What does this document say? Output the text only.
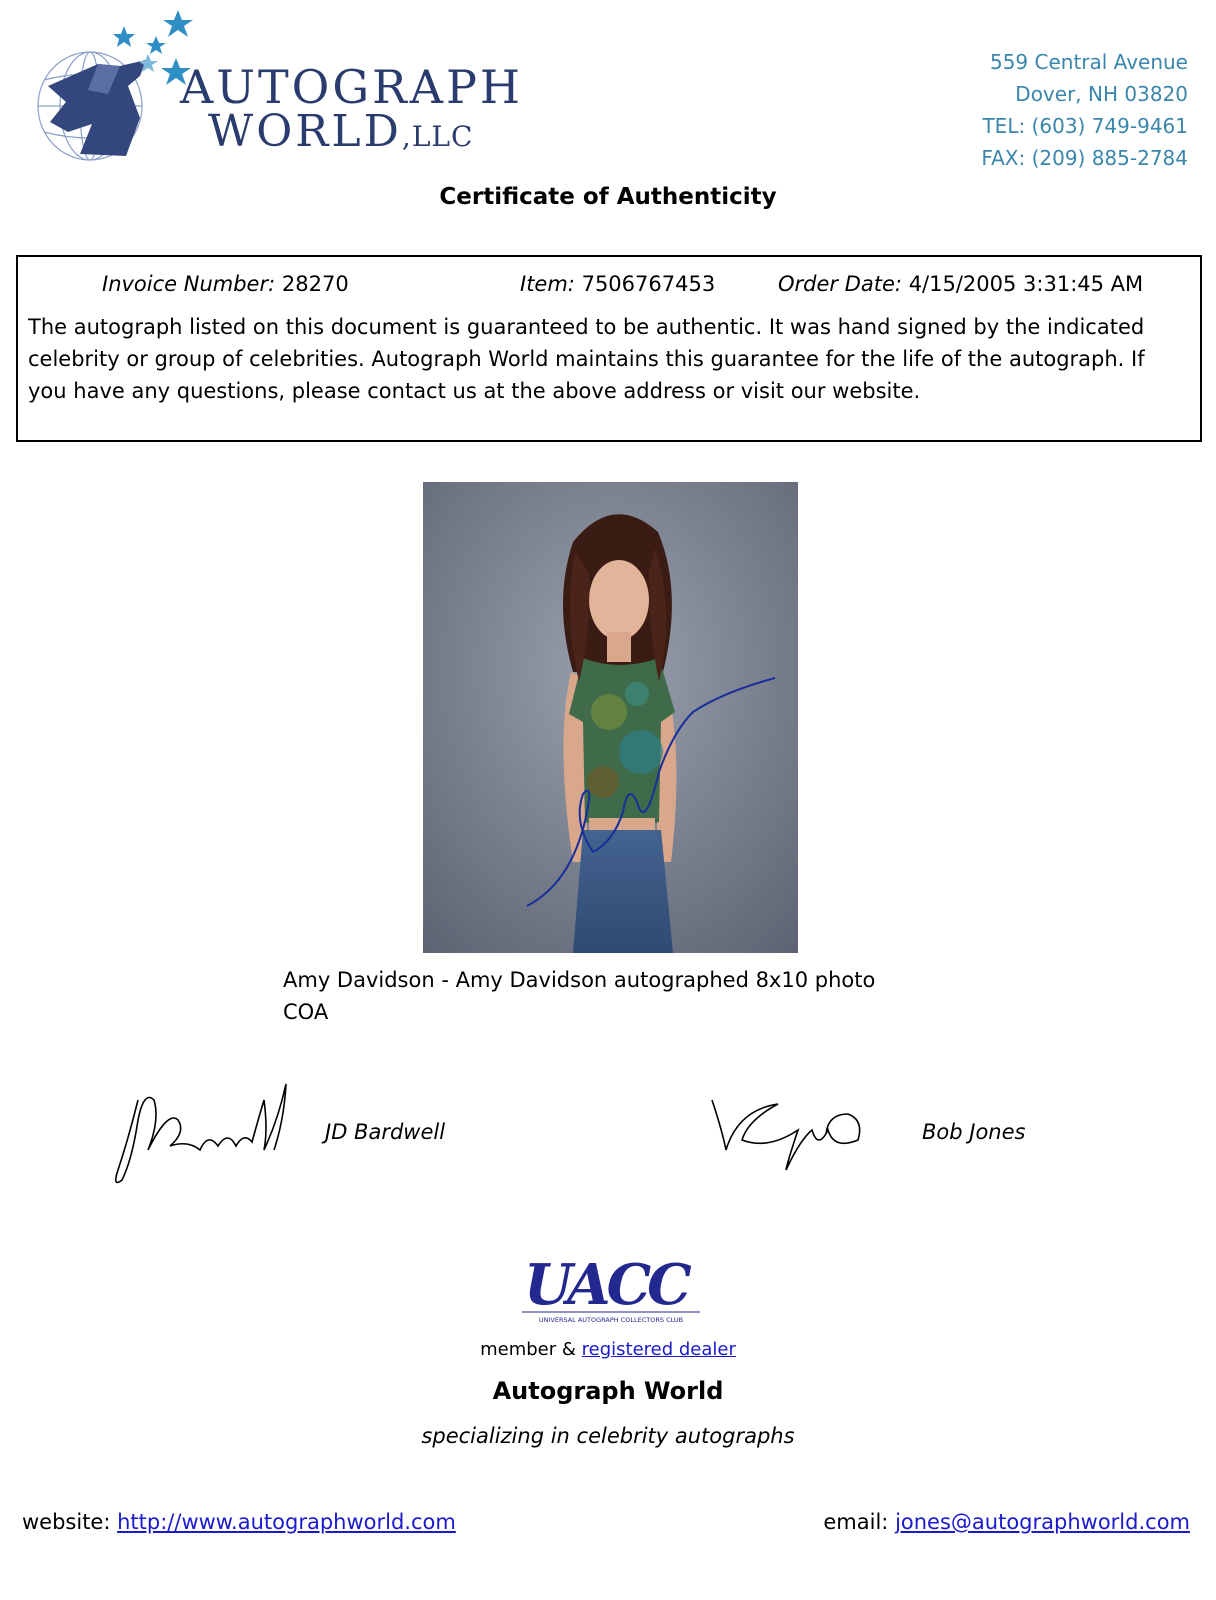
AUTOGRAPH
WORLD,LLC
559 Central Avenue
Dover, NH 03820
TEL: (603) 749-9461
FAX: (209) 885-2784
Certificate of Authenticity
Invoice Number: 28270	Item: 7506767453	Order Date: 4/15/2005 3:31:45 AM
The autograph listed on this document is guaranteed to be authentic. It was hand signed by the indicated celebrity or group of celebrities. Autograph World maintains this guarantee for the life of the autograph. If you have any questions, please contact us at the above address or visit our website.
Amy Davidson - Amy Davidson autographed 8x10 photo
COA
JD Bardwell	Bob Jones
UACC
UNIVERSAL AUTOGRAPH COLLECTORS CLUB
member & registered dealer
Autograph World
specializing in celebrity autographs
website: http://www.autographworld.com	email: jones@autographworld.com
